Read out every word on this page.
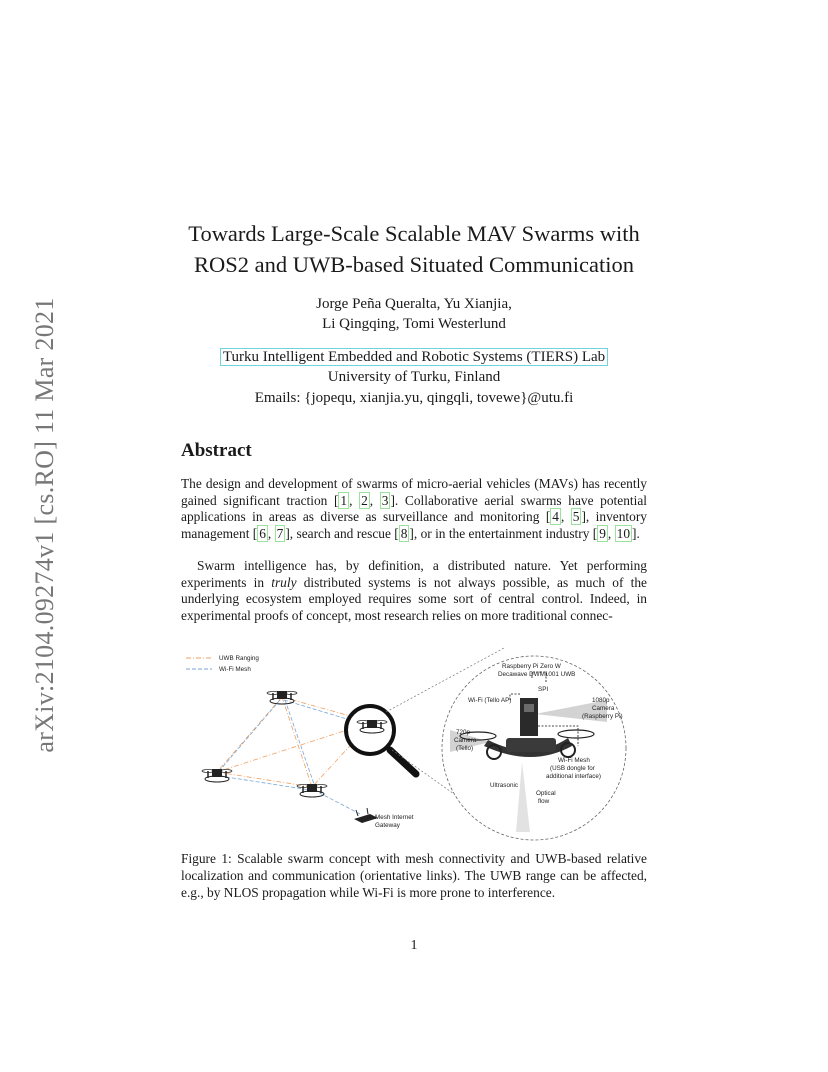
arXiv:2104.09274v1 [cs.RO] 11 Mar 2021
Towards Large-Scale Scalable MAV Swarms with
ROS2 and UWB-based Situated Communication
Jorge Peña Queralta, Yu Xianjia,
Li Qingqing, Tomi Westerlund
Turku Intelligent Embedded and Robotic Systems (TIERS) Lab
University of Turku, Finland
Emails: {jopequ, xianjia.yu, qingqli, tovewe}@utu.fi
Abstract

The design and development of swarms of micro-aerial vehicles (MAVs) has recently gained significant traction [ 1 , 2 , 3 ]. Collaborative aerial swarms have potential applications in areas as diverse as surveillance and monitoring [ 4 , 5 ], inventory management [ 6 , 7 ], search and rescue [ 8 ], or in the entertainment industry [ 9 , 10 ].

Swarm intelligence has, by definition, a distributed nature. Yet performing experiments in truly distributed systems is not always possible, as much of the underlying ecosystem employed requires some sort of central control. Indeed, in experimental proofs of concept, most research relies on more traditional connec-

UWB Ranging
Wi-Fi Mesh
Mesh Internet
Gateway
Raspberry Pi Zero W
Decawave DWM1001 UWB
SPI
Wi-Fi (Tello AP)	1080p
Camera
(Raspberry Pi)
720p
Camera
(Tello)
Wi-Fi Mesh
(USB dongle for
additional interface)
Ultrasonic
Optical
flow
Figure 1: Scalable swarm concept with mesh connectivity and UWB-based relative localization and communication (orientative links). The UWB range can be affected, e.g., by NLOS propagation while Wi-Fi is more prone to interference.
1
